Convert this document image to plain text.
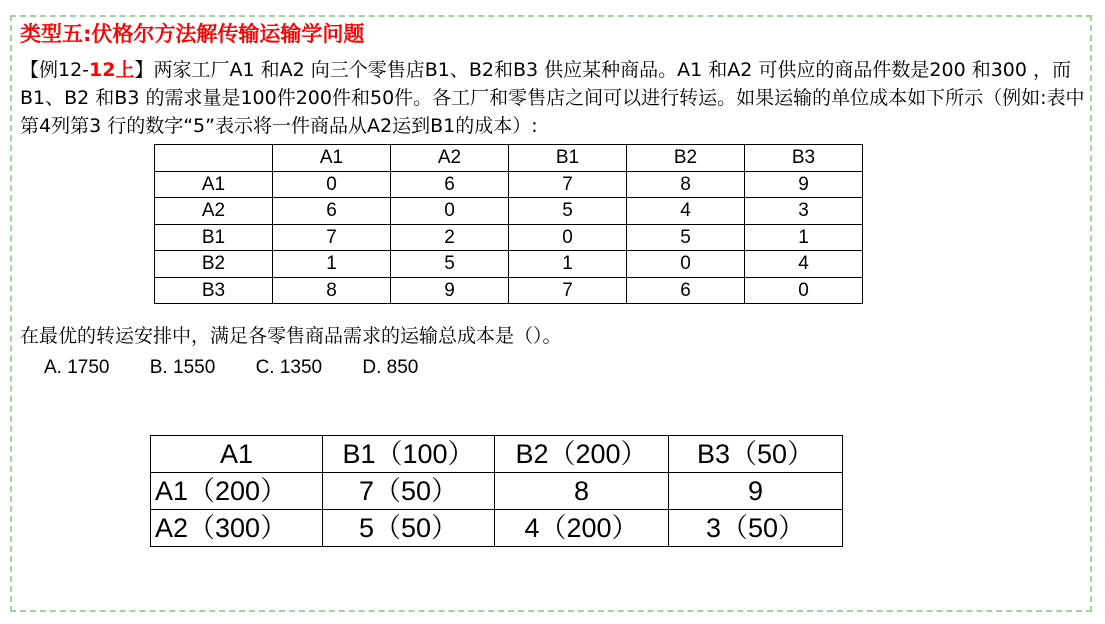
类型五:伏格尔方法解传输运输学问题
【例12-12上】两家工厂A1 和A2 向三个零售店B1、B2和B3 供应某种商品。A1 和A2 可供应的商品件数是200 和300 ，而B1、B2 和B3 的需求量是100件200件和50件。各工厂和零售店之间可以进行转运。如果运输的单位成本如下所示（例如:表中第4列第3 行的数字“5”表示将一件商品从A2运到B1的成本）:
	A1	A2	B1	B2	B3
A1	0	6	7	8	9
A2	6	0	5	4	3
B1	7	2	0	5	1
B2	1	5	1	0	4
B3	8	9	7	6	0
在最优的转运安排中，满足各零售商品需求的运输总成本是（）。
A. 1750 B. 1550 C. 1350 D. 850
A1	B1（100）	B2（200）	B3（50）
A1（200）	7（50）	8	9
A2（300）	5（50）	4（200）	3（50）
